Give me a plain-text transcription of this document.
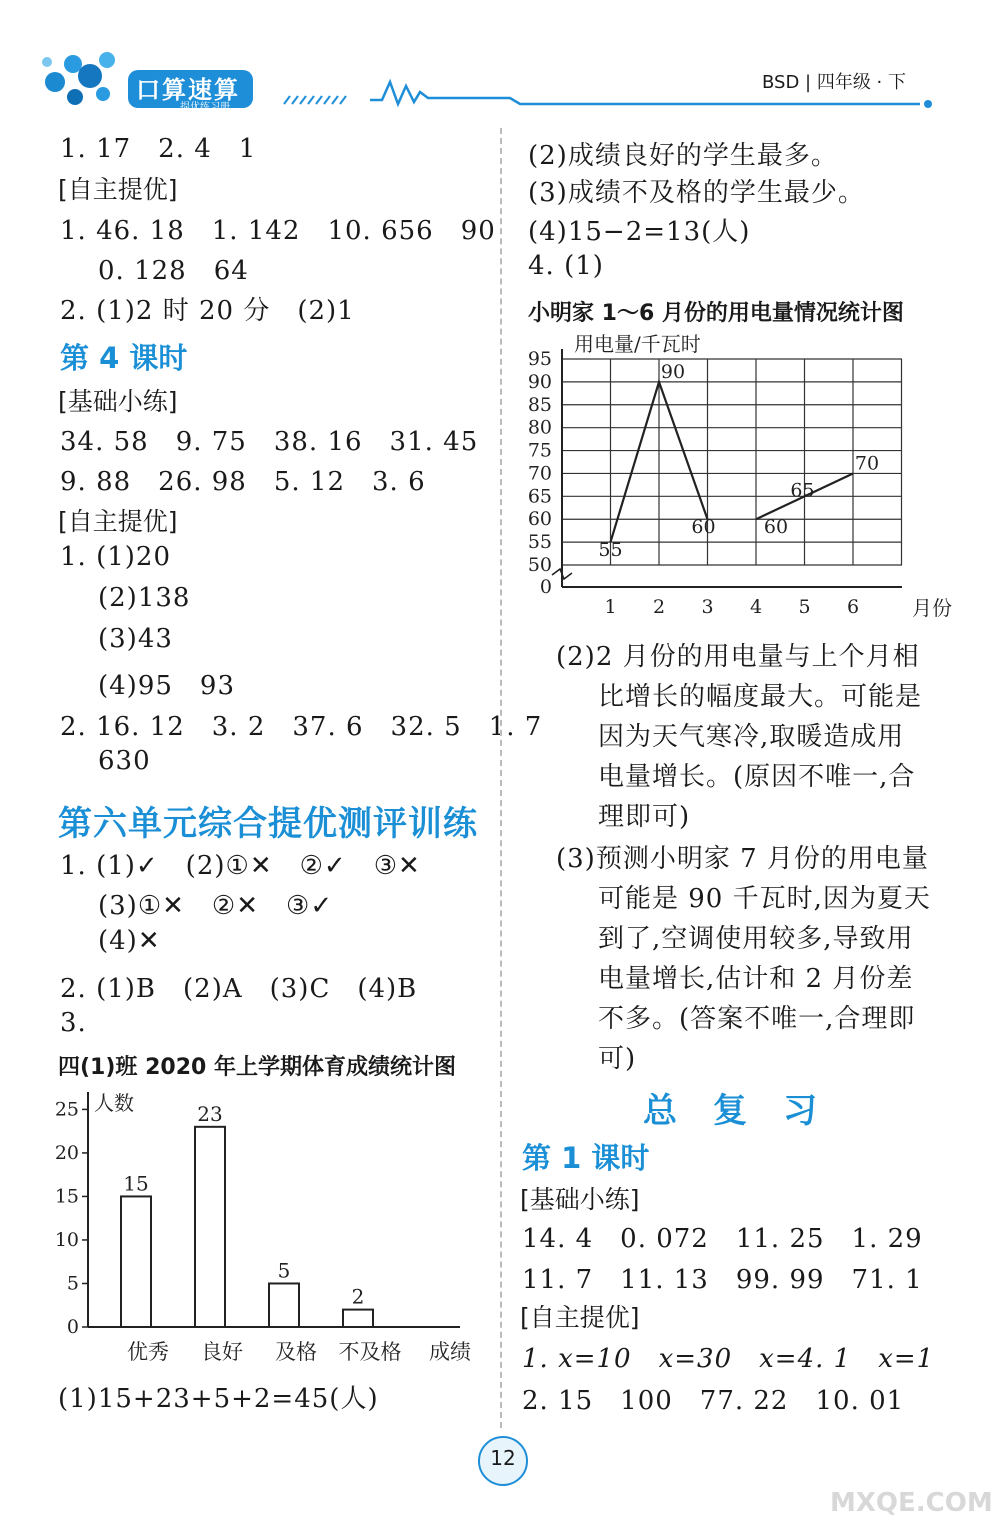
口算速算
提优练习册
BSD | 四年级 · 下
1. 17　2. 4　1
[自主提优]
1. 46. 18　1. 142　10. 656　90
0. 128　64
2. (1)2 时 20 分　(2)1
第 4 课时
[基础小练]
34. 58　9. 75　38. 16　31. 45
9. 88　26. 98　5. 12　3. 6
[自主提优]
1. (1)20
(2)138
(3)43
(4)95　93
2. 16. 12　3. 2　37. 6　32. 5　1. 7
630
第六单元综合提优测评训练
1. (1)✓　(2)①✕　②✓　③✕
(3)①✕　②✕　③✓
(4)✕
2. (1)B　(2)A　(3)C　(4)B
3.
四(1)班 2020 年上学期体育成绩统计图
0
5
10
15
20
25 人数
15
优秀
23
良好
5
及格
2
不及格 成绩
(1)15+23+5+2=45(人)
(2)成绩良好的学生最多。
(3)成绩不及格的学生最少。
(4)15−2=13(人)
4. (1)
小明家 1～6 月份的用电量情况统计图
0
50
55
60
65
70
75
80
85
90
95
1 2 3 4 5 6
用电量/千瓦时
月份
55
90
60	60
65
70
(2)2 月份的用电量与上个月相
比增长的幅度最大。可能是
因为天气寒冷,取暖造成用
电量增长。(原因不唯一,合
理即可)
(3)预测小明家 7 月份的用电量
可能是 90 千瓦时,因为夏天
到了,空调使用较多,导致用
电量增长,估计和 2 月份差
不多。(答案不唯一,合理即
可)
总　复　习
第 1 课时
[基础小练]
14. 4　0. 072　11. 25　1. 29
11. 7　11. 13　99. 99　71. 1
[自主提优]
1. x=10　x=30　x=4. 1　x=1
2. 15　100　77. 22　10. 01
12
MXQE.COM
